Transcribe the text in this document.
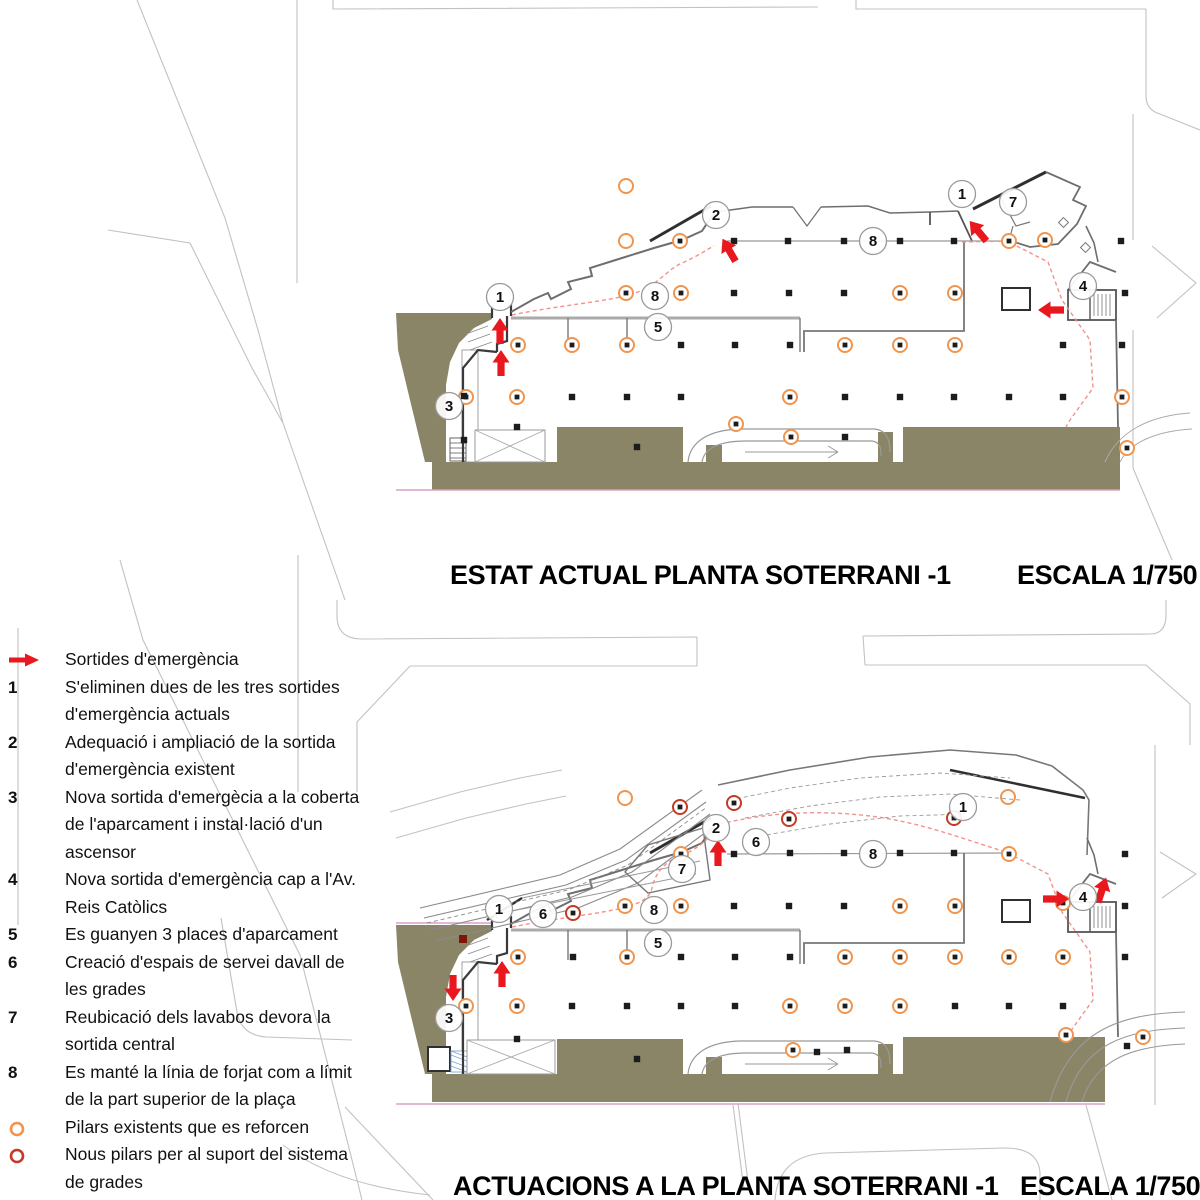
1
2
3
8
5
8
1	7
4
1 6	8
5
7
2
6
3
1
8
4
ESTAT ACTUAL PLANTA SOTERRANI -1 ESCALA 1/750
ACTUACIONS A LA PLANTA SOTERRANI -1 ESCALA 1/750
Sortides d'emergència
1	S'eliminen dues de les tres sortides d'emergència actuals
2	Adequació i ampliació de la sortida d'emergència existent
3	Nova sortida d'emergècia a la coberta de l'aparcament i instal·lació d'un ascensor
4	Nova sortida d'emergència cap a l'Av. Reis Catòlics
5	Es guanyen 3 places d'aparcament
6	Creació d'espais de servei davall de les grades
7	Reubicació dels lavabos devora la sortida central
8	Es manté la línia de forjat com a límit de la part superior de la plaça
Pilars existents que es reforcen
Nous pilars per al suport del sistema de grades
